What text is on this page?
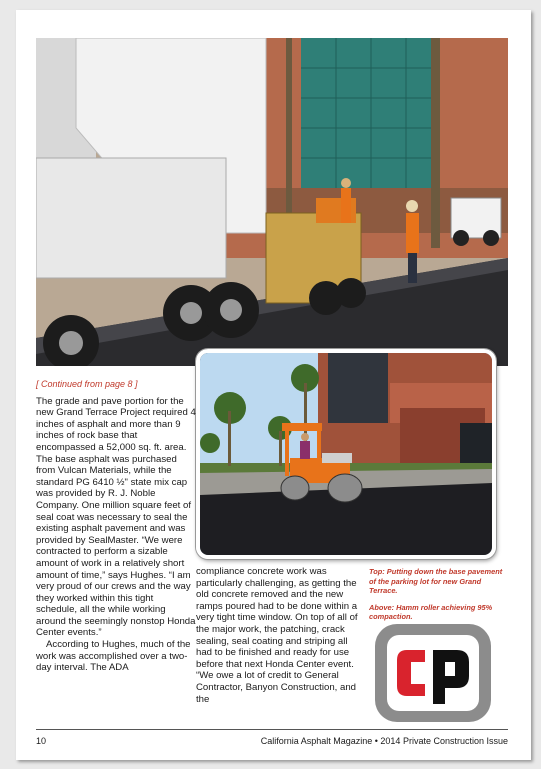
[ Continued from page 8 ]

The grade and pave portion for the new Grand Terrace Project required 4 inches of asphalt and more than 9 inches of rock base that encompassed a 52,000 sq. ft. area. The base asphalt was purchased from Vulcan Materials, while the standard PG 6410 ½" state mix cap was provided by R. J. Noble Company. One million square feet of seal coat was necessary to seal the existing asphalt pavement and was provided by SealMaster. “We were contracted to perform a sizable amount of work in a relatively short amount of time,” says Hughes. “I am very proud of our crews and the way they worked within this tight schedule, all the while working around the seemingly nonstop Honda Center events.”

According to Hughes, much of the work was accomplished over a two-day interval. The ADA

compliance concrete work was particularly challenging, as getting the old concrete removed and the new ramps poured had to be done within a very tight time window. On top of all of the major work, the patching, crack sealing, seal coating and striping all had to be finished and ready for use before that next Honda Center event. “We owe a lot of credit to General Contractor, Banyon Construction, and the

Top: Putting down the base pavement of the parking lot for new Grand Terrace.

Above: Hamm roller achieving 95% compaction.

10	California Asphalt Magazine • 2014 Private Construction Issue
